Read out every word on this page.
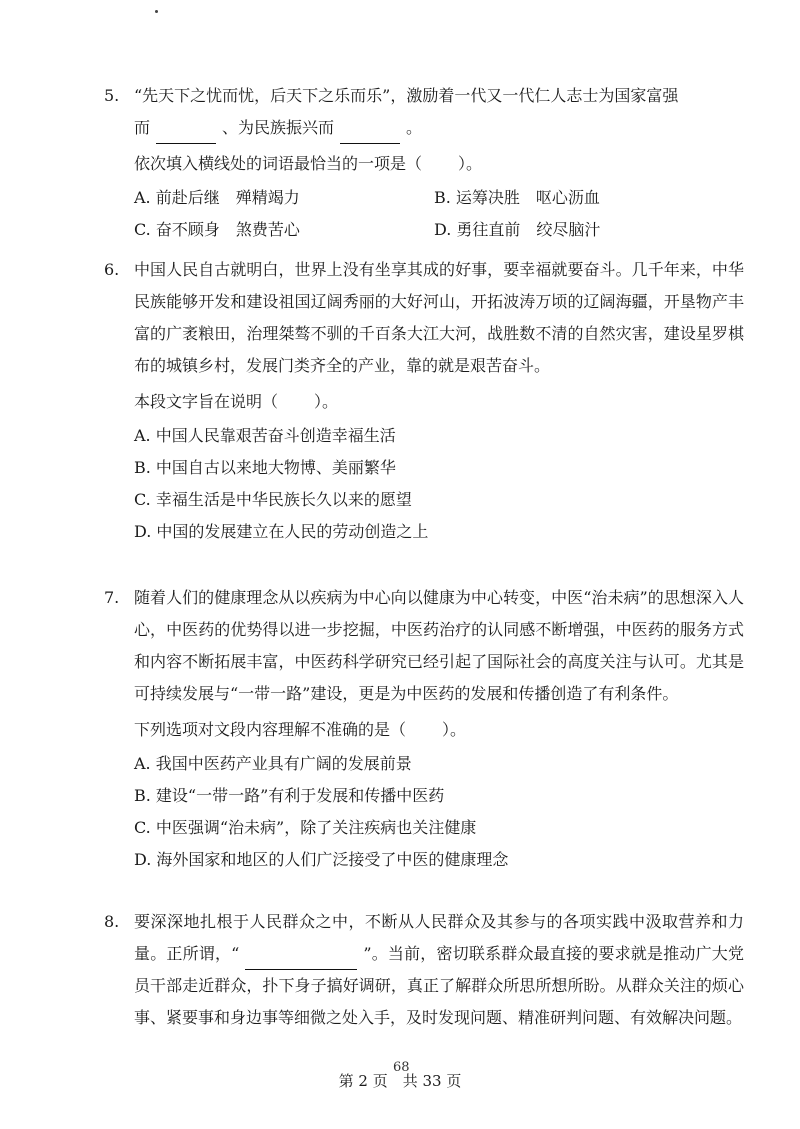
5. “先天下之忧而忧，后天下之乐而乐”，激励着一代又一代仁人志士为国家富强
而	、为民族振兴而	。

依次填入横线处的词语最恰当的一项是（ ）。

A. 前赴后继　殚精竭力	B. 运筹决胜　呕心沥血
C. 奋不顾身　煞费苦心	D. 勇往直前　绞尽脑汁
6. 中国人民自古就明白，世界上没有坐享其成的好事，要幸福就要奋斗。几千年来，中华民族能够开发和建设祖国辽阔秀丽的大好河山，开拓波涛万顷的辽阔海疆，开垦物产丰富的广袤粮田，治理桀骜不驯的千百条大江大河，战胜数不清的自然灾害，建设星罗棋布的城镇乡村，发展门类齐全的产业，靠的就是艰苦奋斗。

本段文字旨在说明（ ）。

A. 中国人民靠艰苦奋斗创造幸福生活
B. 中国自古以来地大物博、美丽繁华
C. 幸福生活是中华民族长久以来的愿望
D. 中国的发展建立在人民的劳动创造之上
7. 随着人们的健康理念从以疾病为中心向以健康为中心转变，中医“治未病”的思想深入人心，中医药的优势得以进一步挖掘，中医药治疗的认同感不断增强，中医药的服务方式和内容不断拓展丰富，中医药科学研究已经引起了国际社会的高度关注与认可。尤其是可持续发展与“一带一路”建设，更是为中医药的发展和传播创造了有利条件。

下列选项对文段内容理解不准确的是（ ）。

A. 我国中医药产业具有广阔的发展前景
B. 建设“一带一路”有利于发展和传播中医药
C. 中医强调“治未病”，除了关注疾病也关注健康
D. 海外国家和地区的人们广泛接受了中医的健康理念
8. 要深深地扎根于人民群众之中，不断从人民群众及其参与的各项实践中汲取营养和力量。正所谓，“	”。当前，密切联系群众最直接的要求就是推动广大党员干部走近群众，扑下身子搞好调研，真正了解群众所思所想所盼。从群众关注的烦心事、紧要事和身边事等细微之处入手，及时发现问题、精准研判问题、有效解决问题。

68
第 2 页　共 33 页
